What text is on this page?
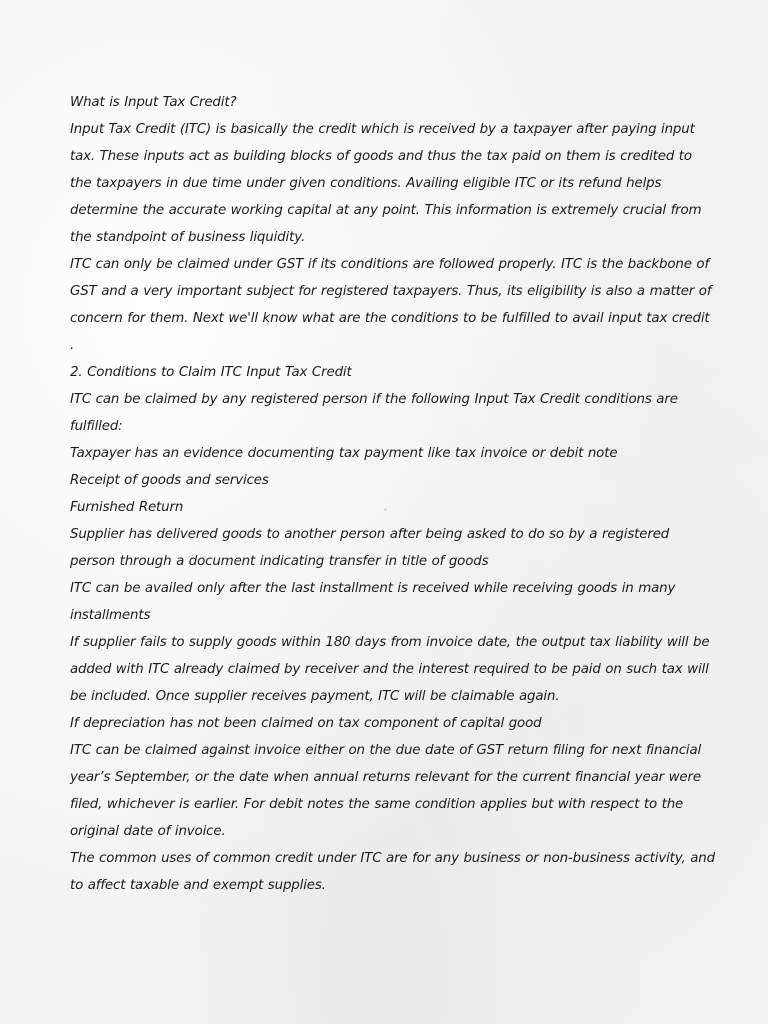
What is Input Tax Credit?

Input Tax Credit (ITC) is basically the credit which is received by a taxpayer after paying input tax. These inputs act as building blocks of goods and thus the tax paid on them is credited to the taxpayers in due time under given conditions. Availing eligible ITC or its refund helps determine the accurate working capital at any point. This information is extremely crucial from the standpoint of business liquidity.

ITC can only be claimed under GST if its conditions are followed properly. ITC is the backbone of GST and a very important subject for registered taxpayers. Thus, its eligibility is also a matter of concern for them. Next we'll know what are the conditions to be fulfilled to avail input tax credit .

2. Conditions to Claim ITC Input Tax Credit

ITC can be claimed by any registered person if the following Input Tax Credit conditions are fulfilled:

Taxpayer has an evidence documenting tax payment like tax invoice or debit note

Receipt of goods and services

Furnished Return

Supplier has delivered goods to another person after being asked to do so by a registered person through a document indicating transfer in title of goods

ITC can be availed only after the last installment is received while receiving goods in many installments

If supplier fails to supply goods within 180 days from invoice date, the output tax liability will be added with ITC already claimed by receiver and the interest required to be paid on such tax will be included. Once supplier receives payment, ITC will be claimable again.

If depreciation has not been claimed on tax component of capital good

ITC can be claimed against invoice either on the due date of GST return filing for next financial year’s September, or the date when annual returns relevant for the current financial year were filed, whichever is earlier. For debit notes the same condition applies but with respect to the original date of invoice.

The common uses of common credit under ITC are for any business or non-business activity, and to affect taxable and exempt supplies.
